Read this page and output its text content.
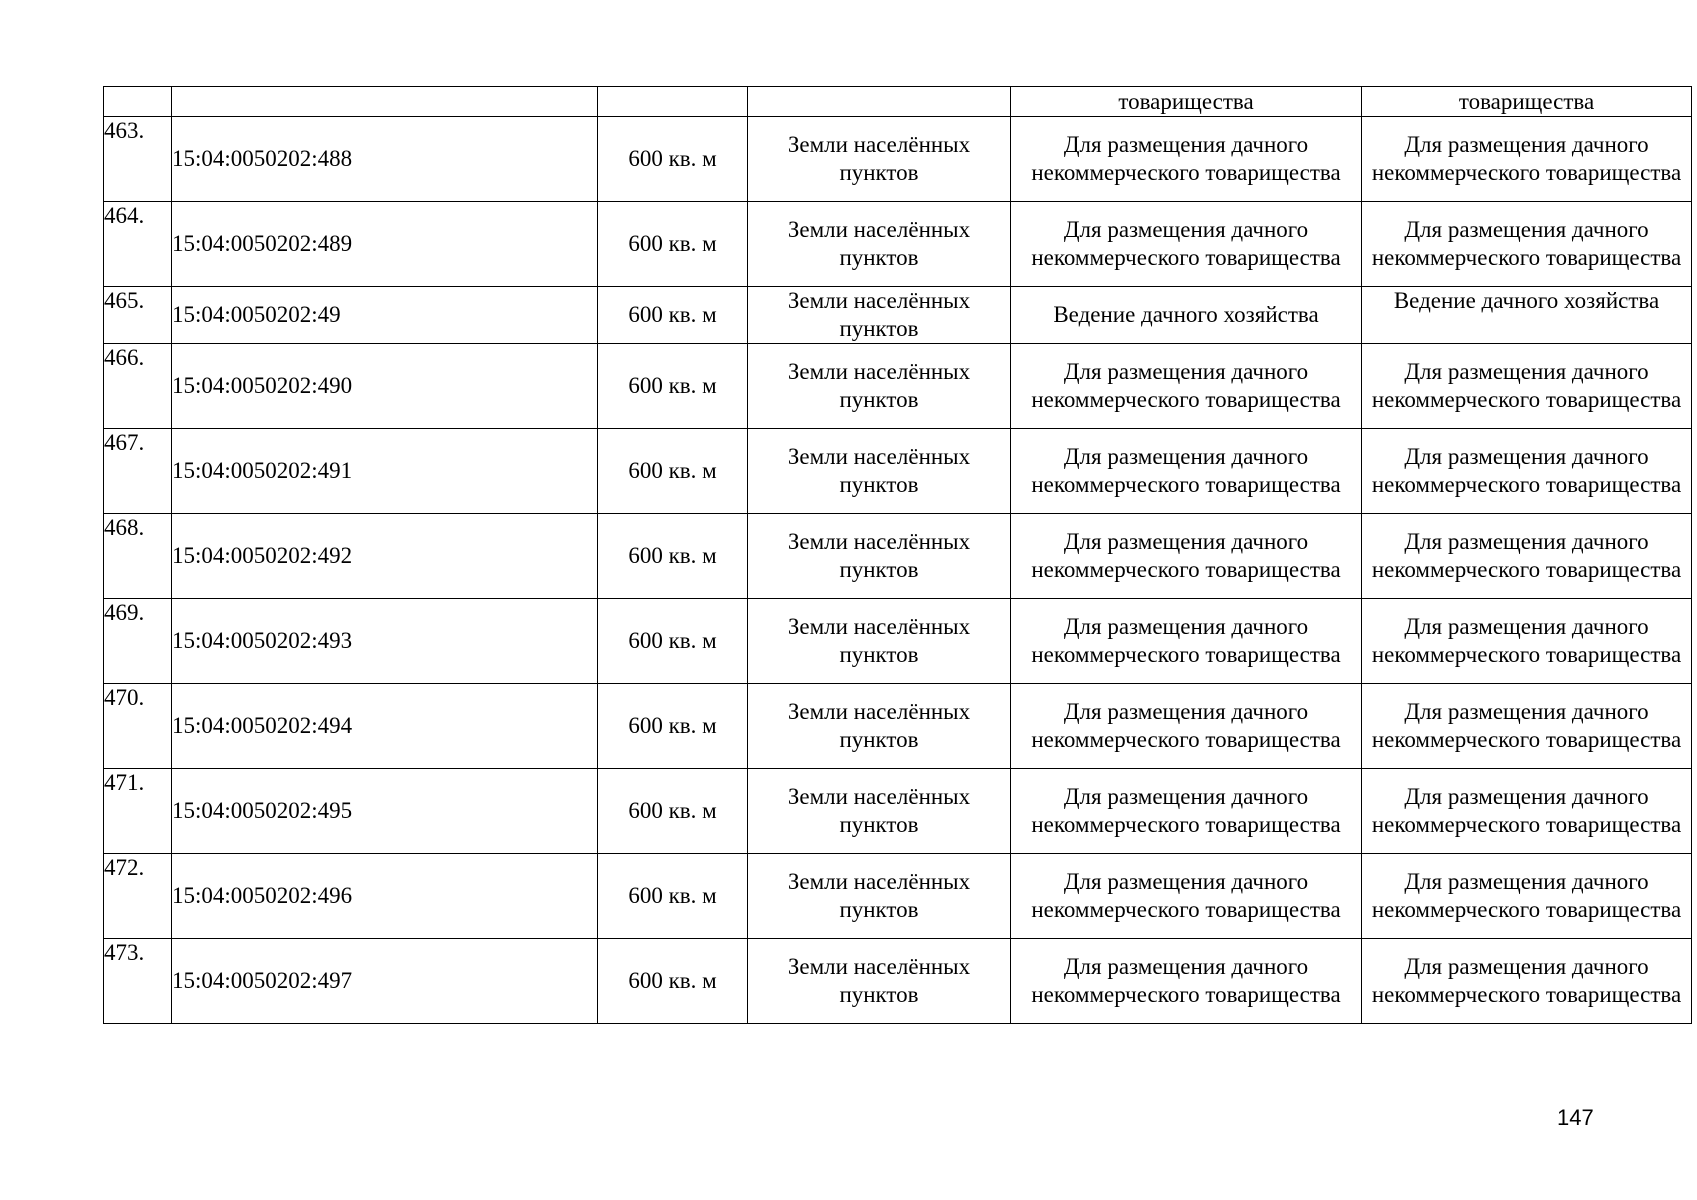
				товарищества	товарищества
463.	15:04:0050202:488	600 кв. м	Земли населённых пунктов	Для размещения дачного некоммерческого товарищества	Для размещения дачного некоммерческого товарищества
464.	15:04:0050202:489	600 кв. м	Земли населённых пунктов	Для размещения дачного некоммерческого товарищества	Для размещения дачного некоммерческого товарищества
465.	15:04:0050202:49	600 кв. м	Земли населённых пунктов	Ведение дачного хозяйства	Ведение дачного хозяйства
466.	15:04:0050202:490	600 кв. м	Земли населённых пунктов	Для размещения дачного некоммерческого товарищества	Для размещения дачного некоммерческого товарищества
467.	15:04:0050202:491	600 кв. м	Земли населённых пунктов	Для размещения дачного некоммерческого товарищества	Для размещения дачного некоммерческого товарищества
468.	15:04:0050202:492	600 кв. м	Земли населённых пунктов	Для размещения дачного некоммерческого товарищества	Для размещения дачного некоммерческого товарищества
469.	15:04:0050202:493	600 кв. м	Земли населённых пунктов	Для размещения дачного некоммерческого товарищества	Для размещения дачного некоммерческого товарищества
470.	15:04:0050202:494	600 кв. м	Земли населённых пунктов	Для размещения дачного некоммерческого товарищества	Для размещения дачного некоммерческого товарищества
471.	15:04:0050202:495	600 кв. м	Земли населённых пунктов	Для размещения дачного некоммерческого товарищества	Для размещения дачного некоммерческого товарищества
472.	15:04:0050202:496	600 кв. м	Земли населённых пунктов	Для размещения дачного некоммерческого товарищества	Для размещения дачного некоммерческого товарищества
473.	15:04:0050202:497	600 кв. м	Земли населённых пунктов	Для размещения дачного некоммерческого товарищества	Для размещения дачного некоммерческого товарищества
147
